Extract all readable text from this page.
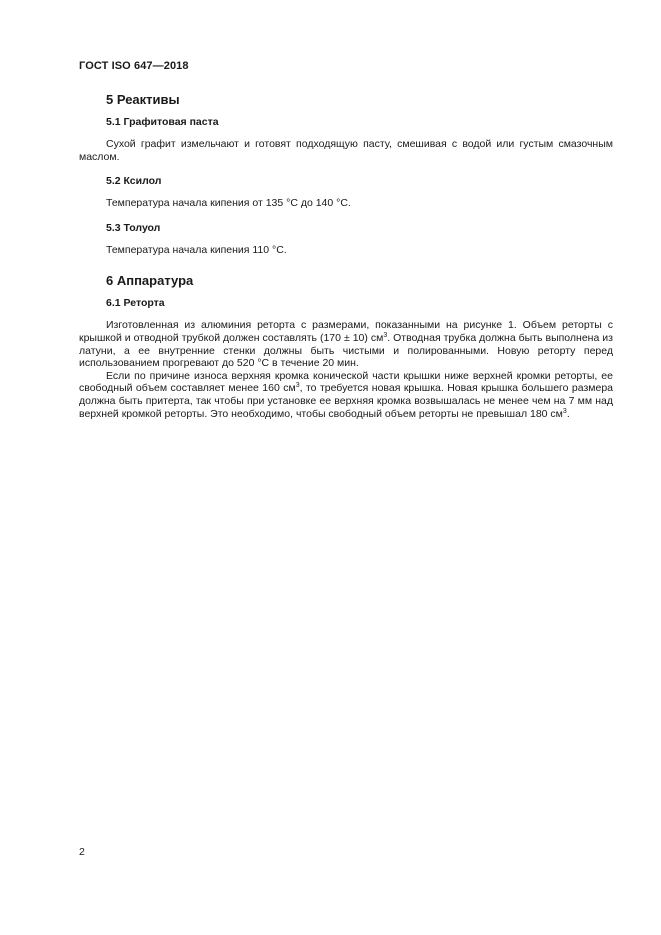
ГОСТ ISO 647—2018
5 Реактивы
5.1 Графитовая паста

Сухой графит измельчают и готовят подходящую пасту, смешивая с водой или густым смазочным маслом.

5.2 Ксилол

Температура начала кипения от 135 °C до 140 °C.

5.3 Толуол

Температура начала кипения 110 °C.

6 Аппаратура
6.1 Реторта

Изготовленная из алюминия реторта с размерами, показанными на рисунке 1. Объем реторты с крышкой и отводной трубкой должен составлять (170 ± 10) $см^3$. Отводная трубка должна быть выполнена из латуни, а ее внутренние стенки должны быть чистыми и полированными. Новую реторту перед использованием прогревают до 520 °C в течение 20 мин.

Если по причине износа верхняя кромка конической части крышки ниже верхней кромки реторты, ее свободный объем составляет менее 160 $см^3$, то требуется новая крышка. Новая крышка большего размера должна быть притерта, так чтобы при установке ее верхняя кромка возвышалась не менее чем на 7 мм над верхней кромкой реторты. Это необходимо, чтобы свободный объем реторты не превышал 180 $см^3$.

2
